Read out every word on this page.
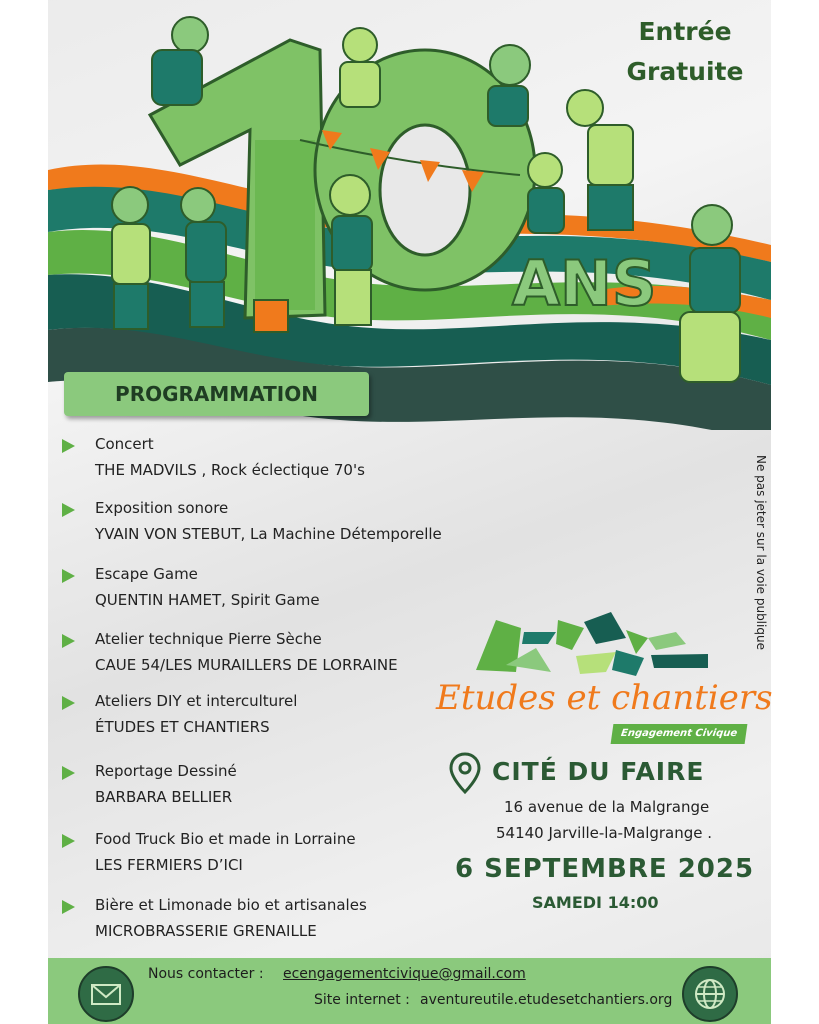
ANS
Entrée
Gratuite
PROGRAMMATION
Concert
THE MADVILS , Rock éclectique 70's
Exposition sonore
YVAIN VON STEBUT, La Machine Détemporelle
Escape Game
QUENTIN HAMET, Spirit Game
Atelier technique Pierre Sèche
CAUE 54/LES MURAILLERS DE LORRAINE
Ateliers DIY et interculturel
ÉTUDES ET CHANTIERS
Reportage Dessiné
BARBARA BELLIER
Food Truck Bio et made in Lorraine
LES FERMIERS D’ICI
Bière et Limonade bio et artisanales
MICROBRASSERIE GRENAILLE
Ne pas jeter sur la voie publique
Etudes et chantiers
Engagement Civique
CITÉ DU FAIRE
16 avenue de la Malgrange
54140 Jarville-la-Malgrange .
6 SEPTEMBRE 2025
SAMEDI 14:00
Nous contacter : ecengagementcivique@gmail.com
Site internet : aventureutile.etudesetchantiers.org
